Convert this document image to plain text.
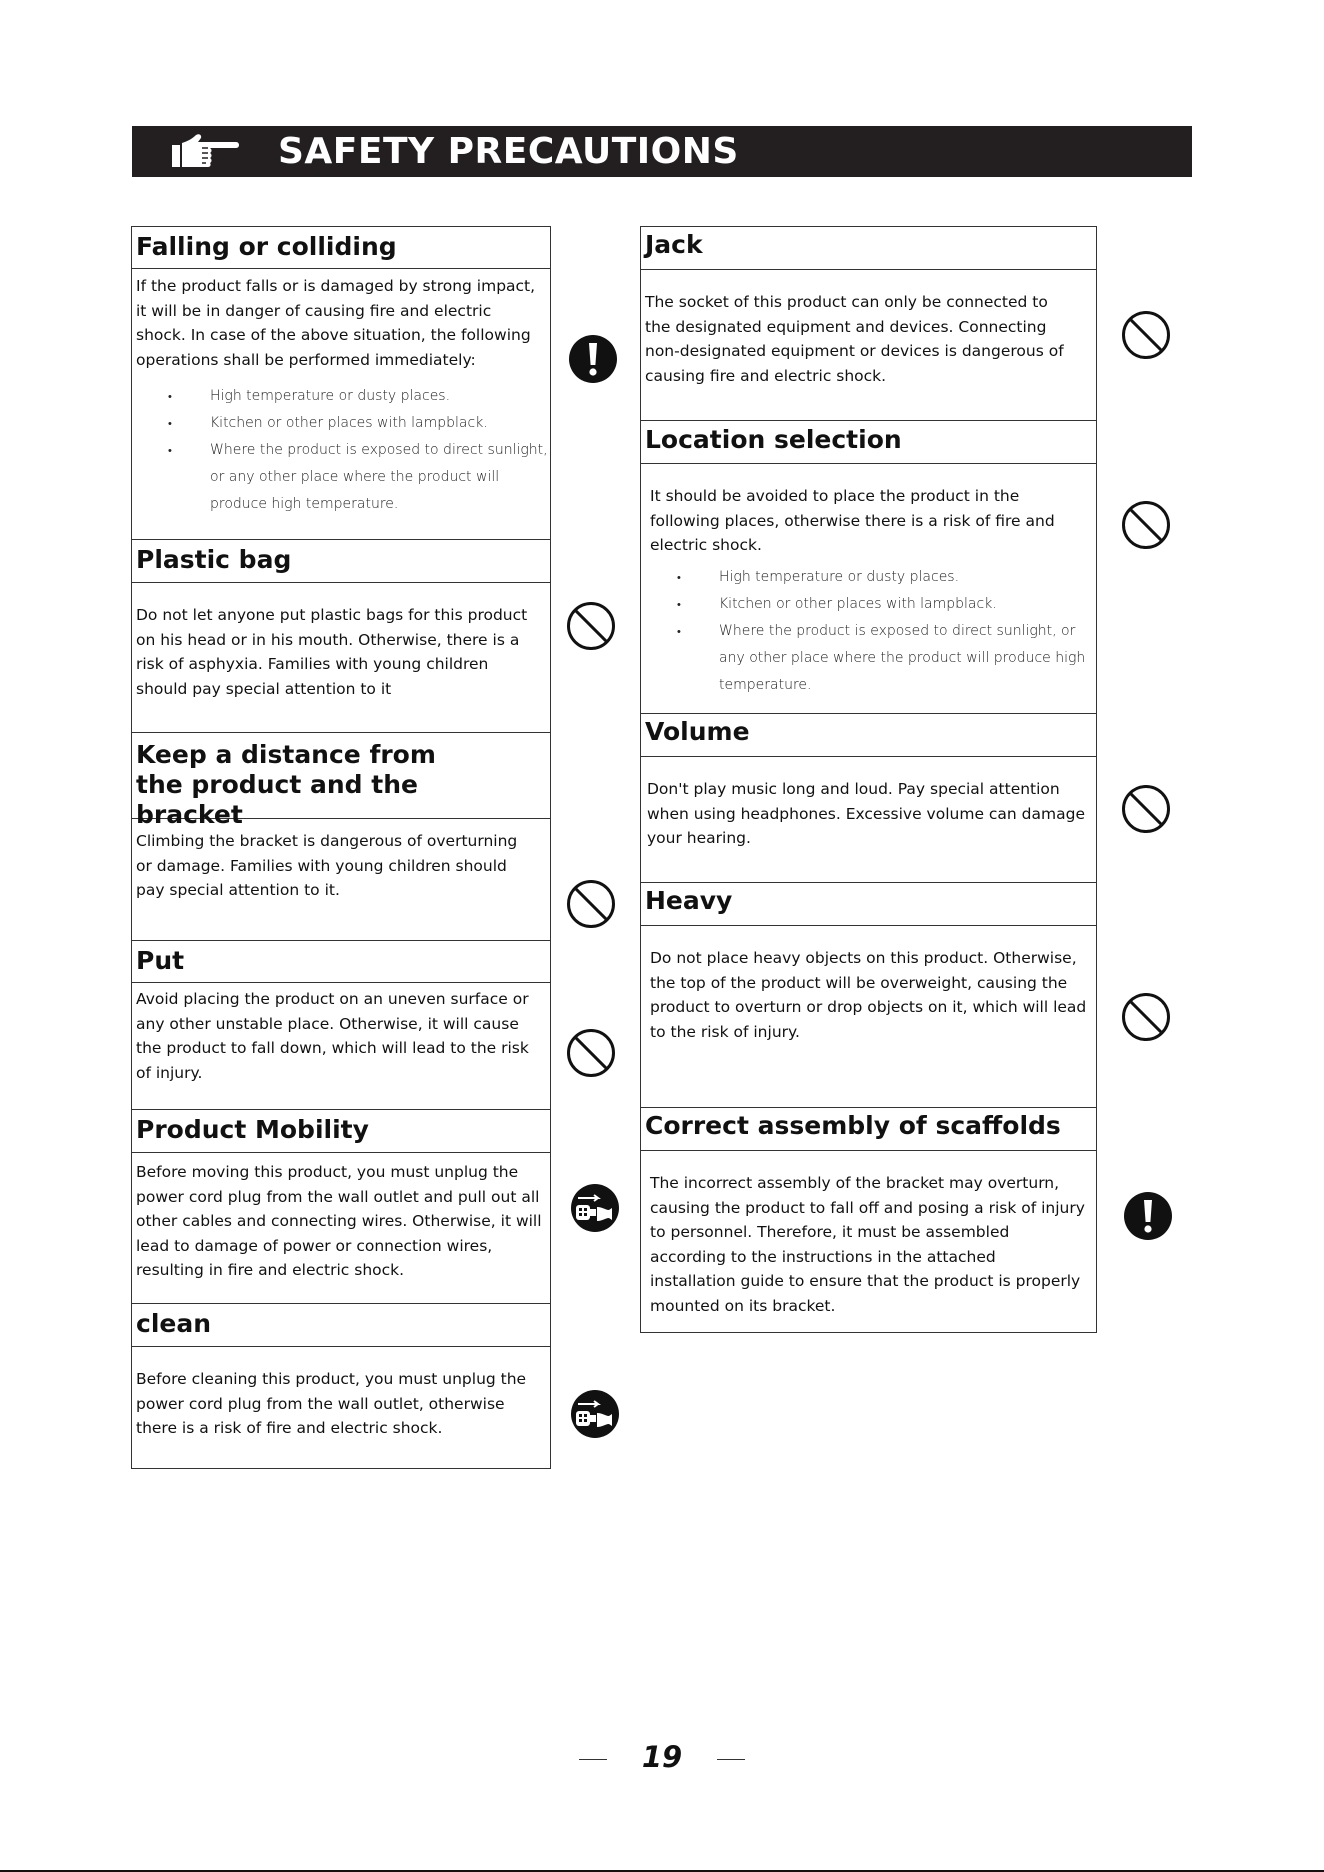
SAFETY PRECAUTIONS
Falling or colliding
If the product falls or is damaged by strong impact, it will be in danger of causing fire and electric shock. In case of the above situation, the following operations shall be performed immediately:
• High temperature or dusty places.
• Kitchen or other places with lampblack.
• Where the product is exposed to direct sunlight, or any other place where the product will produce high temperature.
Plastic bag
Do not let anyone put plastic bags for this product on his head or in his mouth. Otherwise, there is a risk of asphyxia. Families with young children should pay special attention to it
Keep a distance from the product and the bracket
Climbing the bracket is dangerous of overturning or damage. Families with young children should pay special attention to it.
Put
Avoid placing the product on an uneven surface or any other unstable place. Otherwise, it will cause the product to fall down, which will lead to the risk of injury.
Product Mobility
Before moving this product, you must unplug the power cord plug from the wall outlet and pull out all other cables and connecting wires. Otherwise, it will lead to damage of power or connection wires, resulting in fire and electric shock.
clean
Before cleaning this product, you must unplug the power cord plug from the wall outlet, otherwise there is a risk of fire and electric shock.
Jack
The socket of this product can only be connected to the designated equipment and devices. Connecting non-designated equipment or devices is dangerous of causing fire and electric shock.
Location selection
It should be avoided to place the product in the following places, otherwise there is a risk of fire and electric shock.
• High temperature or dusty places.
• Kitchen or other places with lampblack.
• Where the product is exposed to direct sunlight, or any other place where the product will produce high temperature.
Volume
Don't play music long and loud. Pay special attention when using headphones. Excessive volume can damage your hearing.
Heavy
Do not place heavy objects on this product. Otherwise, the top of the product will be overweight, causing the product to overturn or drop objects on it, which will lead to the risk of injury.
Correct assembly of scaffolds
The incorrect assembly of the bracket may overturn, causing the product to fall off and posing a risk of injury to personnel. Therefore, it must be assembled according to the instructions in the attached installation guide to ensure that the product is properly mounted on its bracket.
19
